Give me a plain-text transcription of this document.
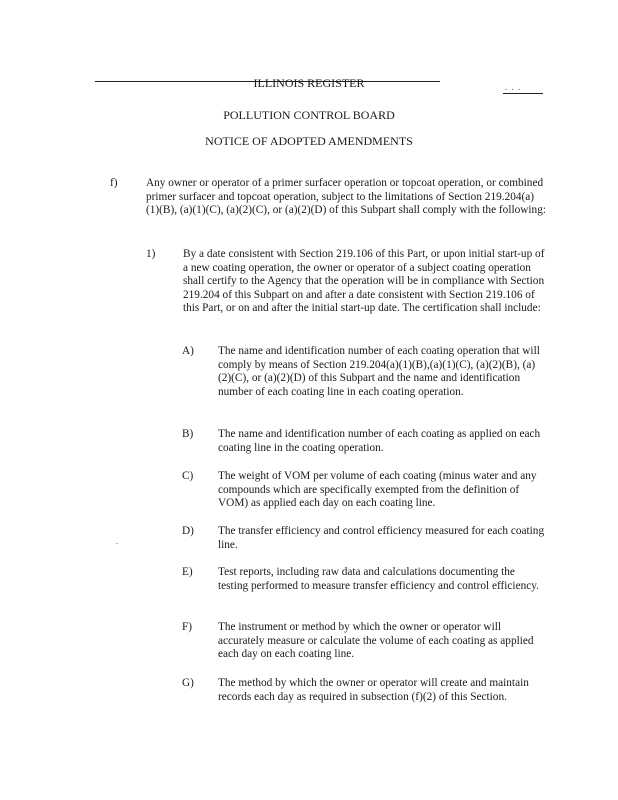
. . .
ILLINOIS REGISTER
POLLUTION CONTROL BOARD
NOTICE OF ADOPTED AMENDMENTS
f)	Any owner or operator of a primer surfacer operation or topcoat operation, or combined primer surfacer and topcoat operation, subject to the limitations of Section 219.204(a)(1)(B), (a)(1)(C), (a)(2)(C), or (a)(2)(D) of this Subpart shall comply with the following:
1) By a date consistent with Section 219.106 of this Part, or upon initial start-up of a new coating operation, the owner or operator of a subject coating operation shall certify to the Agency that the operation will be in compliance with Section 219.204 of this Subpart on and after a date consistent with Section 219.106 of this Part, or on and after the initial start-up date. The certification shall include:
A) The name and identification number of each coating operation that will comply by means of Section 219.204(a)(1)(B),(a)(1)(C), (a)(2)(B), (a)(2)(C), or (a)(2)(D) of this Subpart and the name and identification number of each coating line in each coating operation.
B) The name and identification number of each coating as applied on each coating line in the coating operation.
C) The weight of VOM per volume of each coating (minus water and any compounds which are specifically exempted from the definition of VOM) as applied each day on each coating line.
.
D) The transfer efficiency and control efficiency measured for each coating line.
E) Test reports, including raw data and calculations documenting the testing performed to measure transfer efficiency and control efficiency.
F) The instrument or method by which the owner or operator will accurately measure or calculate the volume of each coating as applied each day on each coating line.
G) The method by which the owner or operator will create and maintain records each day as required in subsection (f)(2) of this Section.
